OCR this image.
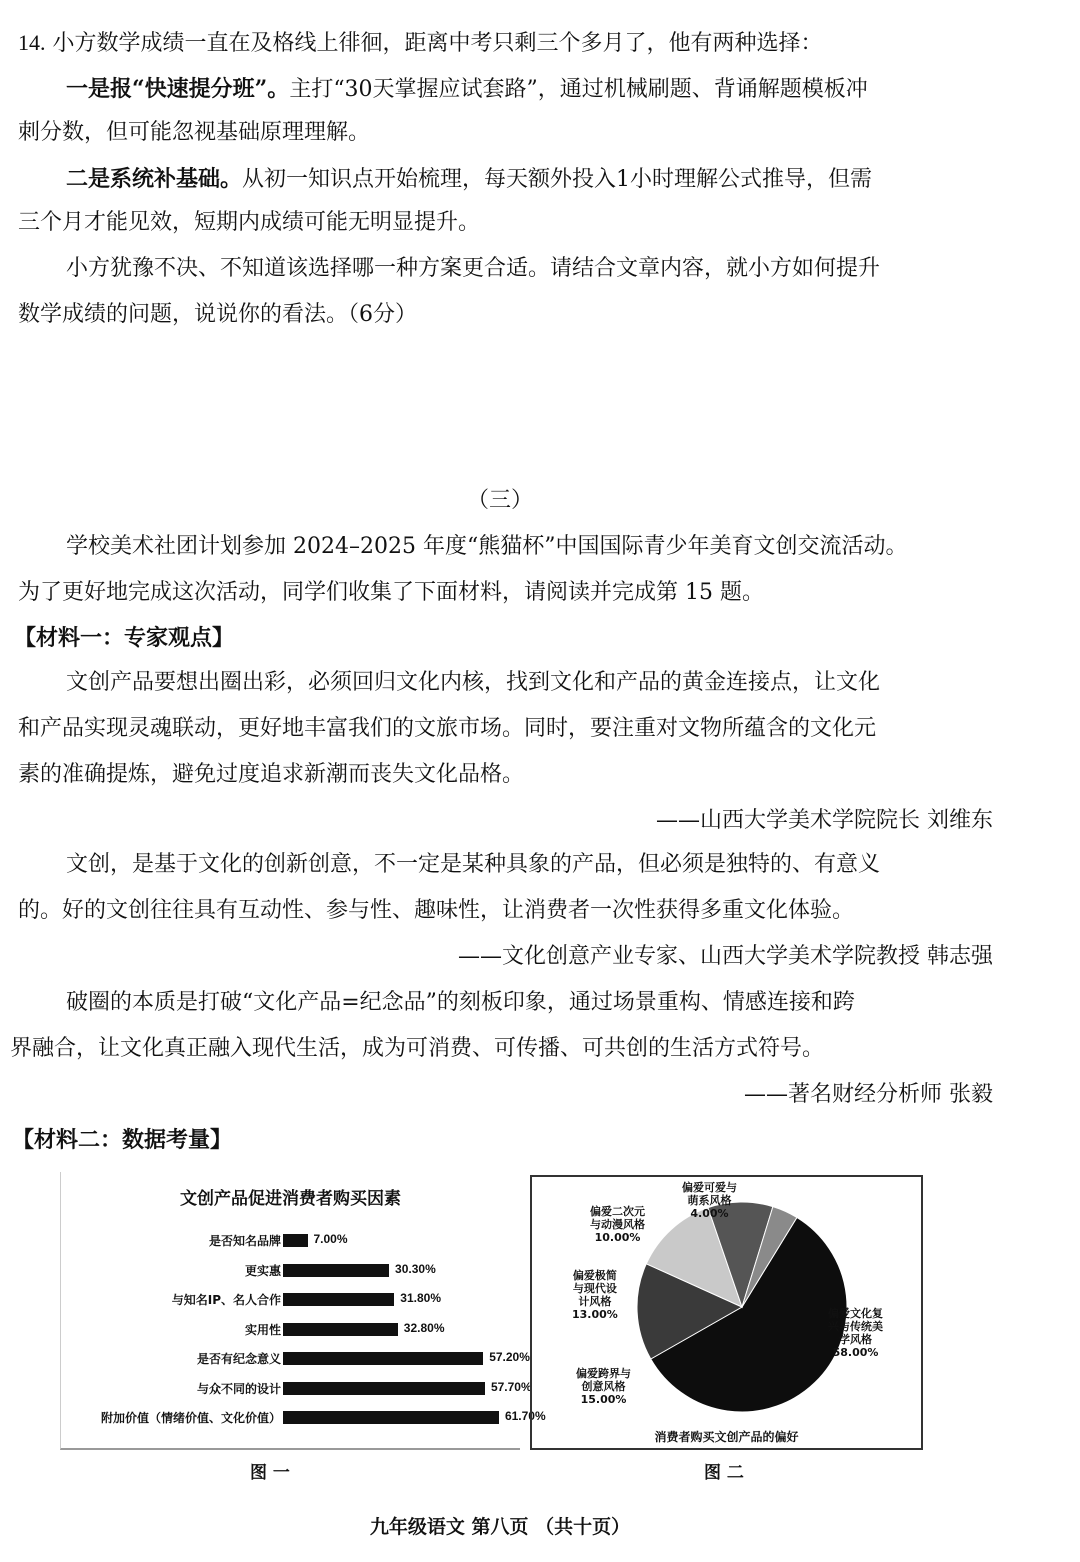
14. 小方数学成绩一直在及格线上徘徊，距离中考只剩三个多月了，他有两种选择：
一是报“快速提分班”。主打“30天掌握应试套路”，通过机械刷题、背诵解题模板冲
刺分数，但可能忽视基础原理理解。
二是系统补基础。从初一知识点开始梳理，每天额外投入1小时理解公式推导，但需
三个月才能见效，短期内成绩可能无明显提升。
小方犹豫不决、不知道该选择哪一种方案更合适。请结合文章内容，就小方如何提升
数学成绩的问题，说说你的看法。（6分）
（三）
学校美术社团计划参加 2024–2025 年度“熊猫杯”中国国际青少年美育文创交流活动。
为了更好地完成这次活动，同学们收集了下面材料，请阅读并完成第 15 题。
【材料一：专家观点】
文创产品要想出圈出彩，必须回归文化内核，找到文化和产品的黄金连接点，让文化
和产品实现灵魂联动，更好地丰富我们的文旅市场。同时，要注重对文物所蕴含的文化元
素的准确提炼，避免过度追求新潮而丧失文化品格。
——山西大学美术学院院长 刘维东
文创，是基于文化的创新创意，不一定是某种具象的产品，但必须是独特的、有意义
的。好的文创往往具有互动性、参与性、趣味性，让消费者一次性获得多重文化体验。
——文化创意产业专家、山西大学美术学院教授 韩志强
破圈的本质是打破“文化产品=纪念品”的刻板印象，通过场景重构、情感连接和跨
界融合，让文化真正融入现代生活，成为可消费、可传播、可共创的生活方式符号。
——著名财经分析师 张毅
【材料二：数据考量】
文创产品促进消费者购买因素
是否知名品牌	7.00%
更实惠	30.30%
与知名IP、名人合作	31.80%
实用性	32.80%
是否有纪念意义	57.20%
与众不同的设计	57.70%
附加价值（情绪价值、文化价值）	61.70%
图 一
偏爱可爱与
萌系风格
4.00%
偏爱二次元
与动漫风格
10.00%
偏爱极简
与现代设
计风格
13.00%
偏爱跨界与
创意风格
15.00%
偏爱文化复
兴与传统美
学风格
58.00%
消费者购买文创产品的偏好
图 二
九年级语文 第八页 （共十页）
